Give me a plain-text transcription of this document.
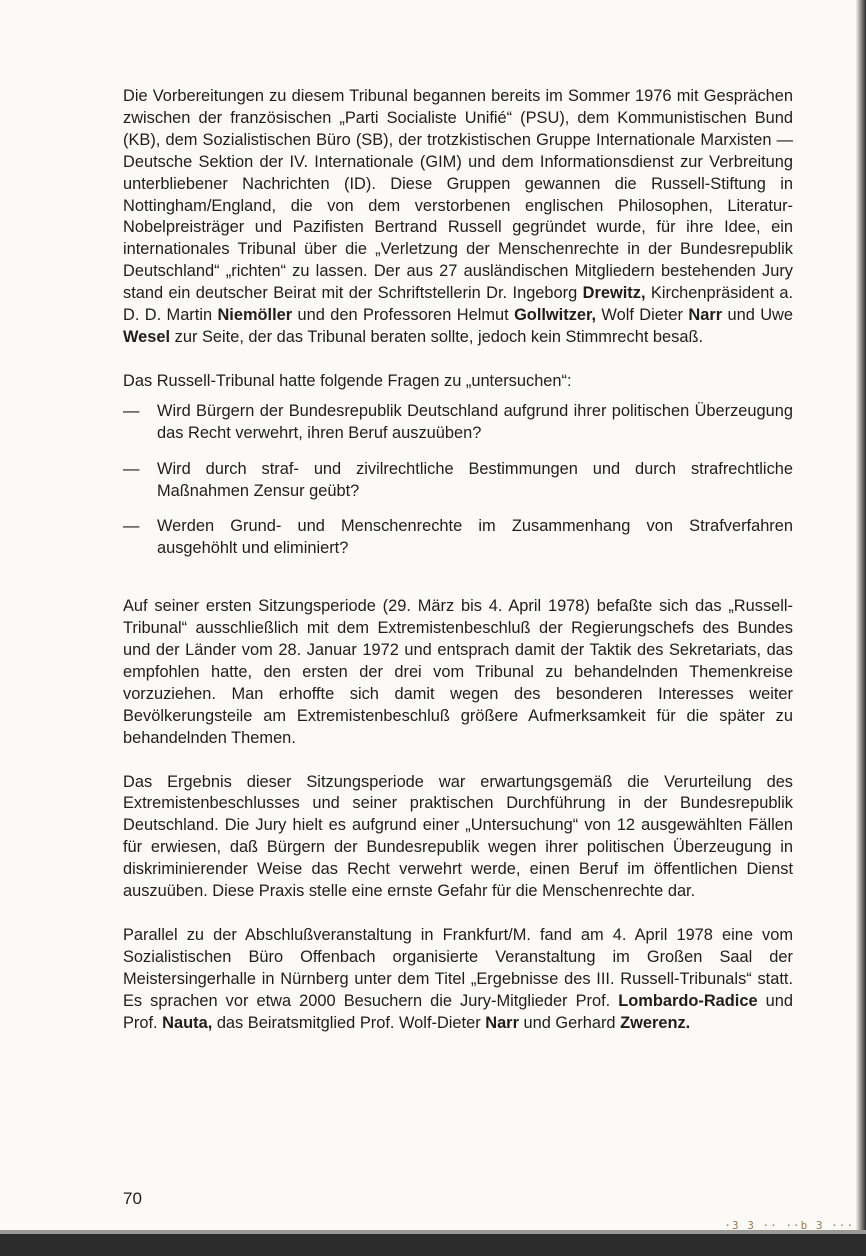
·3 3 ·· ··b 3 ···

Die Vorbereitungen zu diesem Tribunal begannen bereits im Sommer 1976 mit Gesprächen zwischen der französischen „Parti Socialiste Unifié“ (PSU), dem Kommunistischen Bund (KB), dem Sozialistischen Büro (SB), der trotzkistischen Gruppe Internationale Marxisten — Deutsche Sektion der IV. Internationale (GIM) und dem Informationsdienst zur Verbreitung unterbliebener Nachrichten (ID). Diese Gruppen gewannen die Russell-Stiftung in Nottingham/England, die von dem verstorbenen englischen Philosophen, Literatur-Nobelpreisträger und Pazifisten Bertrand Russell gegründet wurde, für ihre Idee, ein internationales Tribunal über die „Verletzung der Menschenrechte in der Bundesrepublik Deutschland“ „richten“ zu lassen. Der aus 27 ausländischen Mitgliedern bestehenden Jury stand ein deutscher Beirat mit der Schriftstellerin Dr. Ingeborg Drewitz, Kirchenpräsident a. D. D. Martin Niemöller und den Professoren Helmut Gollwitzer, Wolf Dieter Narr und Uwe Wesel zur Seite, der das Tribunal beraten sollte, jedoch kein Stimmrecht besaß.

Das Russell-Tribunal hatte folgende Fragen zu „untersuchen“:

—	Wird Bürgern der Bundesrepublik Deutschland aufgrund ihrer politischen Überzeugung das Recht verwehrt, ihren Beruf auszuüben?
—	Wird durch straf- und zivilrechtliche Bestimmungen und durch strafrechtliche Maßnahmen Zensur geübt?
—	Werden Grund- und Menschenrechte im Zusammenhang von Strafverfahren ausgehöhlt und eliminiert?

Auf seiner ersten Sitzungsperiode (29. März bis 4. April 1978) befaßte sich das „Russell-Tribunal“ ausschließlich mit dem Extremistenbeschluß der Regierungschefs des Bundes und der Länder vom 28. Januar 1972 und entsprach damit der Taktik des Sekretariats, das empfohlen hatte, den ersten der drei vom Tribunal zu behandelnden Themenkreise vorzuziehen. Man erhoffte sich damit wegen des besonderen Interesses weiter Bevölkerungsteile am Extremistenbeschluß größere Aufmerksamkeit für die später zu behandelnden Themen.

Das Ergebnis dieser Sitzungsperiode war erwartungsgemäß die Verurteilung des Extremistenbeschlusses und seiner praktischen Durchführung in der Bundesrepublik Deutschland. Die Jury hielt es aufgrund einer „Untersuchung“ von 12 ausgewählten Fällen für erwiesen, daß Bürgern der Bundesrepublik wegen ihrer politischen Überzeugung in diskriminierender Weise das Recht verwehrt werde, einen Beruf im öffentlichen Dienst auszuüben. Diese Praxis stelle eine ernste Gefahr für die Menschenrechte dar.

Parallel zu der Abschlußveranstaltung in Frankfurt/M. fand am 4. April 1978 eine vom Sozialistischen Büro Offenbach organisierte Veranstaltung im Großen Saal der Meistersingerhalle in Nürnberg unter dem Titel „Ergebnisse des III. Russell-Tribunals“ statt. Es sprachen vor etwa 2000 Besuchern die Jury-Mitglieder Prof. Lombardo-Radice und Prof. Nauta, das Beiratsmitglied Prof. Wolf-Dieter Narr und Gerhard Zwerenz.

70
